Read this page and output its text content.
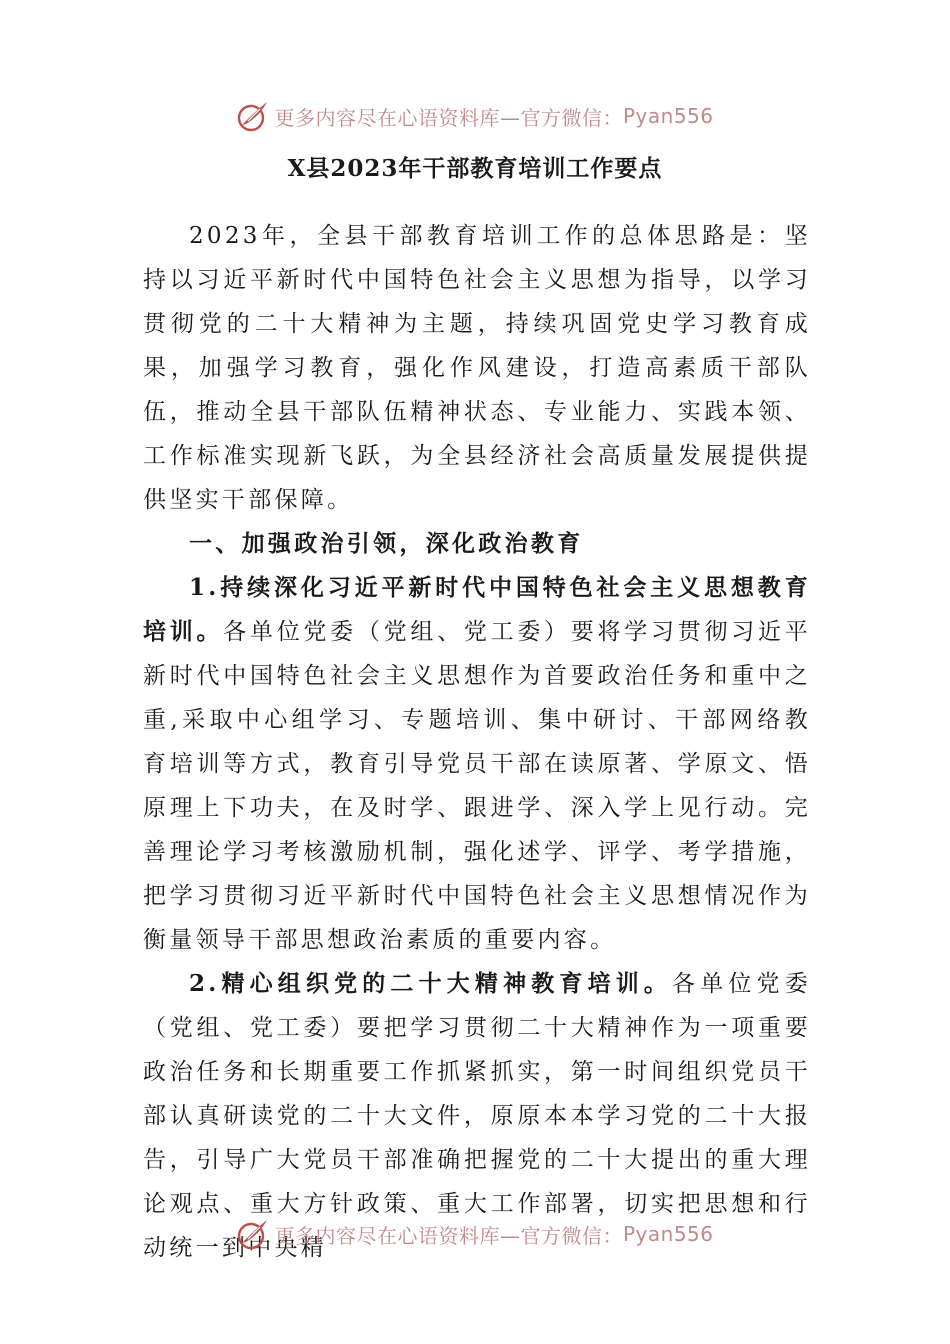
更多内容尽在心语资料库—官方微信： Pyan556
X县2023年干部教育培训工作要点

2023年，全县干部教育培训工作的总体思路是：坚持以习近平新时代中国特色社会主义思想为指导，以学习贯彻党的二十大精神为主题，持续巩固党史学习教育成果，加强学习教育，强化作风建设，打造高素质干部队伍，推动全县干部队伍精神状态、专业能力、实践本领、工作标准实现新飞跃，为全县经济社会高质量发展提供提供坚实干部保障。

一、加强政治引领，深化政治教育

1.持续深化习近平新时代中国特色社会主义思想教育培训。各单位党委（党组、党工委）要将学习贯彻习近平新时代中国特色社会主义思想作为首要政治任务和重中之重,采取中心组学习、专题培训、集中研讨、干部网络教育培训等方式，教育引导党员干部在读原著、学原文、悟原理上下功夫，在及时学、跟进学、深入学上见行动。完善理论学习考核激励机制，强化述学、评学、考学措施，把学习贯彻习近平新时代中国特色社会主义思想情况作为衡量领导干部思想政治素质的重要内容。

2.精心组织党的二十大精神教育培训。各单位党委（党组、党工委）要把学习贯彻二十大精神作为一项重要政治任务和长期重要工作抓紧抓实，第一时间组织党员干部认真研读党的二十大文件，原原本本学习党的二十大报告，引导广大党员干部准确把握党的二十大提出的重大理论观点、重大方针政策、重大工作部署，切实把思想和行动统一到中央精

更多内容尽在心语资料库—官方微信： Pyan556
